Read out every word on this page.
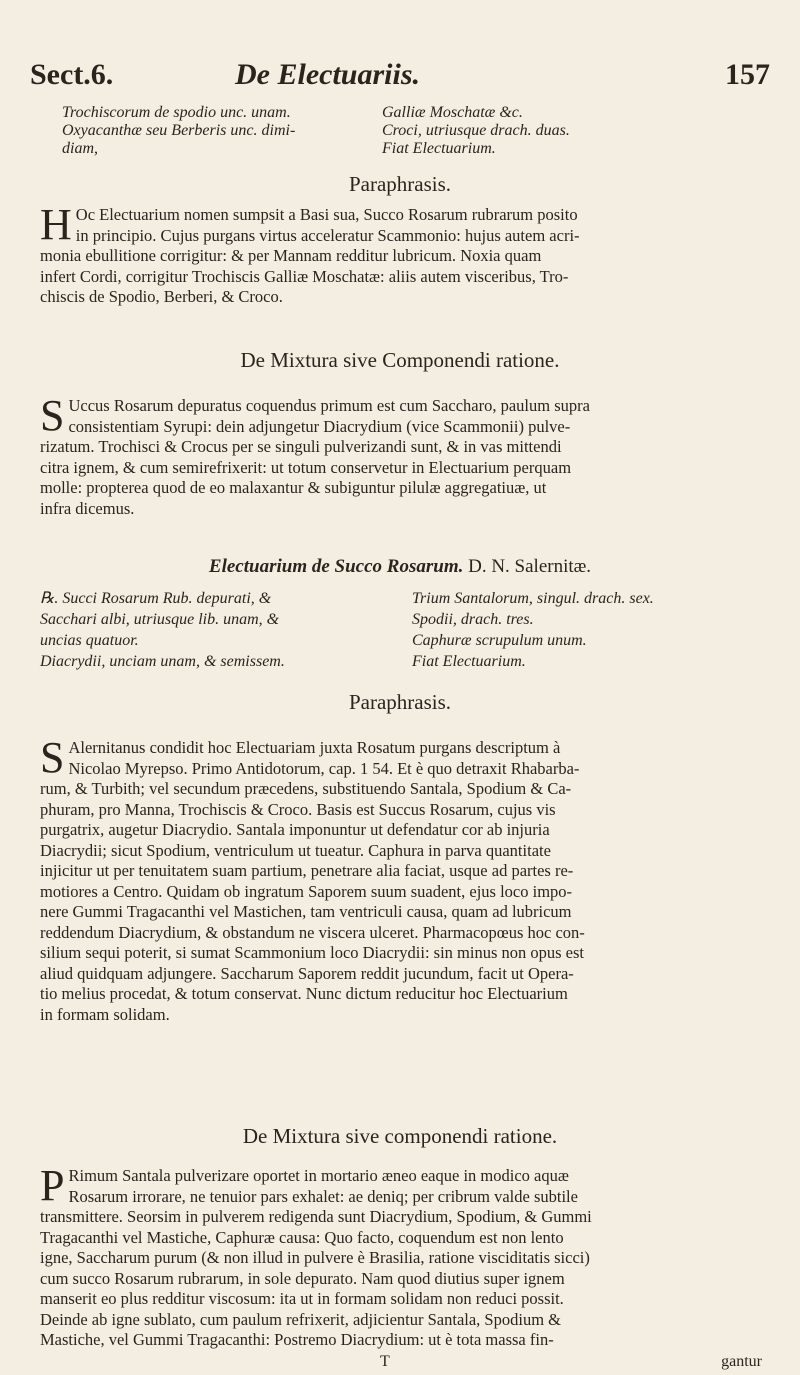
Sect.6.	De Electuariis.	157
Trochiscorum de spodio unc. unam.
Oxyacanthæ seu Berberis unc. dimi-
diam,
Galliæ Moschatæ &c.
Croci, utriusque drach. duas.
Fiat Electuarium.
Paraphrasis.
H Oc Electuarium nomen sumpsit a Basi sua, Succo Rosarum rubrarum posito
in principio. Cujus purgans virtus acceleratur Scammonio: hujus autem acri-
monia ebullitione corrigitur: & per Mannam redditur lubricum. Noxia quam
infert Cordi, corrigitur Trochiscis Galliæ Moschatæ: aliis autem visceribus, Tro-
chiscis de Spodio, Berberi, & Croco.
De Mixtura sive Componendi ratione.
S Uccus Rosarum depuratus coquendus primum est cum Saccharo, paulum supra
consistentiam Syrupi: dein adjungetur Diacrydium (vice Scammonii) pulve-
rizatum. Trochisci & Crocus per se singuli pulverizandi sunt, & in vas mittendi
citra ignem, & cum semirefrixerit: ut totum conservetur in Electuarium perquam
molle: propterea quod de eo malaxantur & subiguntur pilulæ aggregatiuæ, ut
infra dicemus.
Electuarium de Succo Rosarum. D. N. Salernitæ.
℞. Succi Rosarum Rub. depurati, &
Sacchari albi, utriusque lib. unam, &
uncias quatuor.
Diacrydii, unciam unam, & semissem.
Trium Santalorum, singul. drach. sex.
Spodii, drach. tres.
Caphuræ scrupulum unum.
Fiat Electuarium.
Paraphrasis.
S Alernitanus condidit hoc Electuariam juxta Rosatum purgans descriptum à
Nicolao Myrepso. Primo Antidotorum, cap. 1 54. Et è quo detraxit Rhabarba-
rum, & Turbith; vel secundum præcedens, substituendo Santala, Spodium & Ca-
phuram, pro Manna, Trochiscis & Croco. Basis est Succus Rosarum, cujus vis
purgatrix, augetur Diacrydio. Santala imponuntur ut defendatur cor ab injuria
Diacrydii; sicut Spodium, ventriculum ut tueatur. Caphura in parva quantitate
injicitur ut per tenuitatem suam partium, penetrare alia faciat, usque ad partes re-
motiores a Centro. Quidam ob ingratum Saporem suum suadent, ejus loco impo-
nere Gummi Tragacanthi vel Mastichen, tam ventriculi causa, quam ad lubricum
reddendum Diacrydium, & obstandum ne viscera ulceret. Pharmacopœus hoc con-
silium sequi poterit, si sumat Scammonium loco Diacrydii: sin minus non opus est
aliud quidquam adjungere. Saccharum Saporem reddit jucundum, facit ut Opera-
tio melius procedat, & totum conservat. Nunc dictum reducitur hoc Electuarium
in formam solidam.
De Mixtura sive componendi ratione.
P Rimum Santala pulverizare oportet in mortario æneo eaque in modico aquæ
Rosarum irrorare, ne tenuior pars exhalet: ae deniq; per cribrum valde subtile
transmittere. Seorsim in pulverem redigenda sunt Diacrydium, Spodium, & Gummi
Tragacanthi vel Mastiche, Caphuræ causa: Quo facto, coquendum est non lento
igne, Saccharum purum (& non illud in pulvere è Brasilia, ratione visciditatis sicci)
cum succo Rosarum rubrarum, in sole depurato. Nam quod diutius super ignem
manserit eo plus redditur viscosum: ita ut in formam solidam non reduci possit.
Deinde ab igne sublato, cum paulum refrixerit, adjicientur Santala, Spodium &
Mastiche, vel Gummi Tragacanthi: Postremo Diacrydium: ut è tota massa fin-
T	gantur
